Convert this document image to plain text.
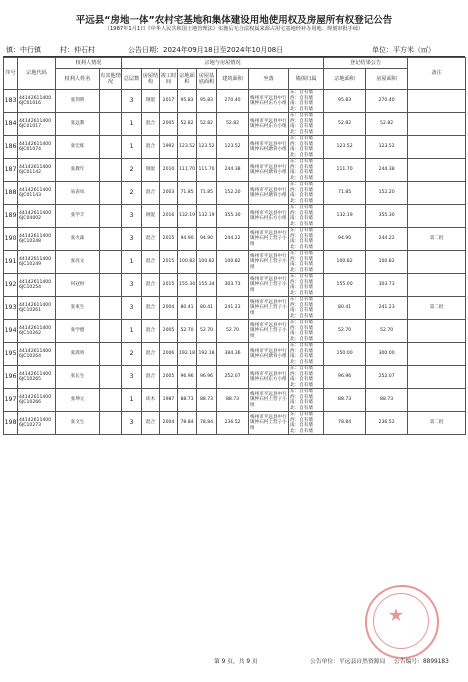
平远县“房地一体”农村宅基地和集体建设用地使用权及房屋所有权登记公告
（1987年1月1日《中华人民共和国土地管理法》实施后无合法权属来源占用宅基地经补办用地、规划审批手续）
镇：中行镇	村：仲石村	公告日期：2024年09月18日至2024年10月08日	单位：平方米（㎡）
序号	宗地代码	权利人情况		宗地与房屋情况								登记结果公告		备注
		权利人姓名	有其他情况	总层数	房屋结构	竣工时间	宗地面积	房屋基底面积	建筑面积	坐落	墙体归属	宗地面积	房屋面积	
183	44142611400 6JC01016	张剑明		3	钢混	2017	95.83	95.83	270.40	梅州市平远县中行镇仲石村东方小组	东：自有墙 西：自有墙 南：自有墙 北：自有墙	95.83	270.40	
184	44142611400 6JC01017	张远教		1	混合	2005	52.82	52.82	52.82	梅州市平远县中行镇仲石村东方小组	东：自有墙 西：自有墙 南：自有墙 北：自有墙	52.82	52.82	
186	44142611400 6JC01074	张宏炼		1	混合	1992	123.52	123.52	123.52	梅州市平远县中行镇仲石村塘背小组	东：自有墙 西：自有墙 南：自有墙 北：自有墙	123.52	123.52	
187	44142611400 6JC01142	张教年		2	钢混	2010	111.70	111.70	244.38	梅州市平远县中行镇仲石村塘背小组	东：自有墙 西：自有墙 南：自有墙 北：自有墙	111.70	244.38	
188	44142611400 6JC01143	易表凤		2	混合	2003	71.85	71.85	152.20	梅州市平远县中行镇仲石村塘背小组	东：自有墙 西：自有墙 南：自有墙 北：自有墙	71.85	152.20	
189	44142611400 6JC04002	张学丰		3	钢混	2016	132.19	132.19	355.30	梅州市平远县中行镇仲石村东方小组	东：自有墙 西：自有墙 南：自有墙 北：自有墙	132.19	355.30	
190	44142611400 6JC10248	张火森		3	混合	2015	94.90	94.90	244.22	梅州市平远县中行镇仲石村上营子小组	东：自有墙 西：自有墙 南：自有墙 北：自有墙	94.90	244.22	第二批
191	44142611400 6JC10249	张亮文		1	混合	2015	100.82	100.82	100.82	梅州市平远县中行镇仲石村上营子小组	东：自有墙 西：自有墙 南：自有墙 北：自有墙	100.82	100.82	
192	44142611400 6JC10254	何冠财		3	混合	2015	155.34	155.34	303.73	梅州市平远县中行镇仲石村上营子小组	东：自有墙 西：自有墙 南：自有墙 北：自有墙	155.00	303.73	
193	44142611400 6JC10261	张束生		3	混合	2004	80.41	80.41	241.23	梅州市平远县中行镇仲石村上营子小组	东：自有墙 西：自有墙 南：自有墙 北：自有墙	80.41	241.23	第二批
194	44142611400 6JC10262	张学德		1	混合	2005	52.70	52.70	52.70	梅州市平远县中行镇仲石村上营子小组	东：自有墙 西：自有墙 南：自有墙 北：自有墙	52.70	52.70	
195	44142611400 6JC10264	张嵩将		2	混合	2006	192.18	192.18	384.36	梅州市平远县中行镇仲石村塘背小组	东：自有墙 西：自有墙 南：自有墙 北：自有墙	150.00	300.00	
196	44142611400 6JC10265	张长生		3	混合	2005	96.96	96.96	252.07	梅州市平远县中行镇仲石村东方小组	东：自有墙 西：自有墙 南：自有墙 北：自有墙	96.96	252.07	
197	44142611400 6JC10266	张坤元		1	砖木	1987	88.73	88.73	88.73	梅州市平远县中行镇仲石村上营子小组	东：自有墙 西：自有墙 南：自有墙 北：自有墙	88.73	88.73	
198	44142611400 6JC10273	张文生		3	混合	2004	78.84	78.84	236.52	梅州市平远县中行镇仲石村上营子小组	东：自有墙 西：自有墙 南：自有墙 北：自有墙	78.84	236.52	第二批
★
第 9 页，共 9 页	公告单位：平远县自然资源局 公告编号：8899183
